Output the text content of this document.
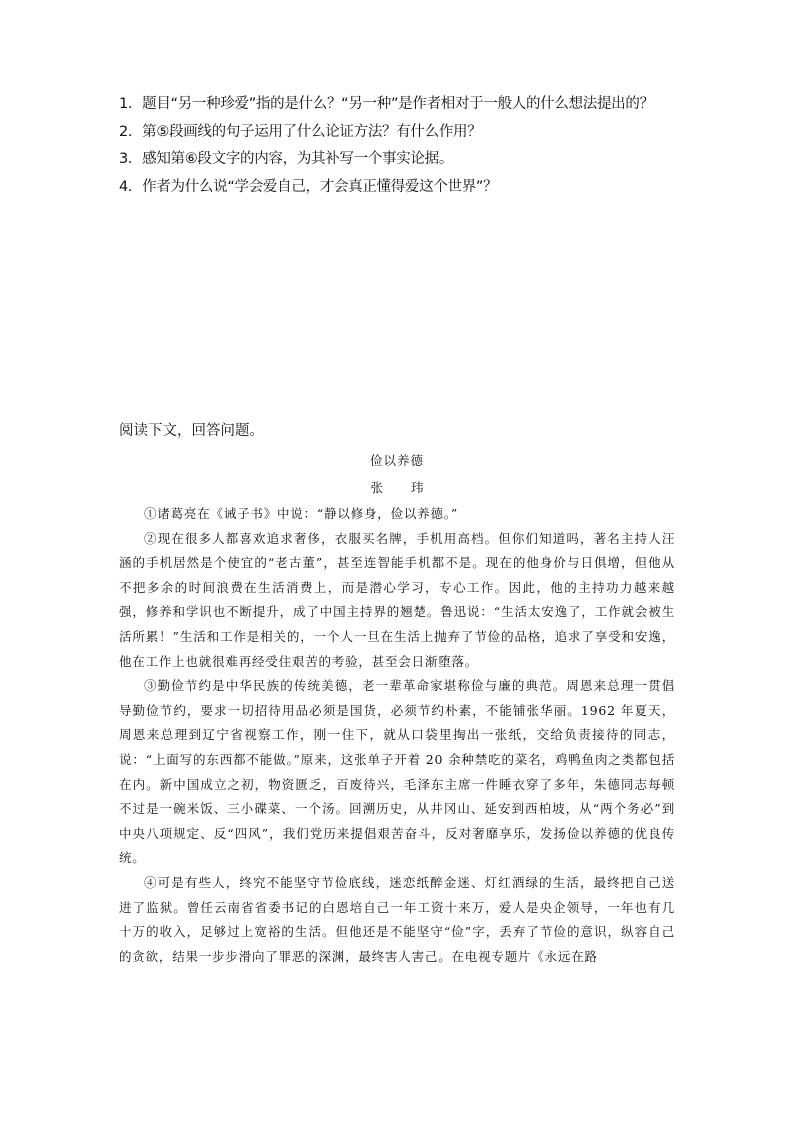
1．题目“另一种珍爱”指的是什么？“另一种”是作者相对于一般人的什么想法提出的？
2．第⑤段画线的句子运用了什么论证方法？有什么作用？
3．感知第⑥段文字的内容，为其补写一个事实论据。
4．作者为什么说“学会爱自己，才会真正懂得爱这个世界”？
阅读下文，回答问题。
俭以养德
张 玮

①诸葛亮在《诫子书》中说：“静以修身，俭以养德。”

②现在很多人都喜欢追求奢侈，衣服买名牌，手机用高档。但你们知道吗，著名主持人汪涵的手机居然是个使宜的“老古董”，甚至连智能手机都不是。现在的他身价与日俱增，但他从不把多余的时间浪费在生活消费上，而是潜心学习，专心工作。因此，他的主持功力越来越强，修养和学识也不断提升，成了中国主持界的翘楚。鲁迅说：“生活太安逸了，工作就会被生活所累！”生活和工作是相关的，一个人一旦在生活上抛弃了节俭的品格，追求了享受和安逸，他在工作上也就很难再经受住艰苦的考验，甚至会日渐堕落。

③勤俭节约是中华民族的传统美德，老一辈革命家堪称俭与廉的典范。周恩来总理一贯倡导勤俭节约，要求一切招待用品必须是国货，必须节约朴素，不能铺张华丽。1962 年夏天，周恩来总理到辽宁省视察工作，刚一住下，就从口袋里掏出一张纸，交给负责接待的同志，说：“上面写的东西都不能做。”原来，这张单子开着 20 余种禁吃的菜名，鸡鸭鱼肉之类都包括在内。新中国成立之初，物资匮乏，百废待兴，毛泽东主席一件睡衣穿了多年，朱德同志每顿不过是一碗米饭、三小碟菜、一个汤。回溯历史，从井冈山、延安到西柏坡，从“两个务必”到中央八项规定、反“四风”，我们党历来提倡艰苦奋斗，反对奢靡享乐，发扬俭以养德的优良传统。

④可是有些人，终究不能坚守节俭底线，迷恋纸醉金迷、灯红酒绿的生活，最终把自己送进了监狱。曾任云南省省委书记的白恩培自己一年工资十来万，爱人是央企领导，一年也有几十万的收入，足够过上宽裕的生活。但他还是不能坚守“俭”字，丢弃了节俭的意识，纵容自己的贪欲，结果一步步滑向了罪恶的深渊，最终害人害己。在电视专题片《永远在路
